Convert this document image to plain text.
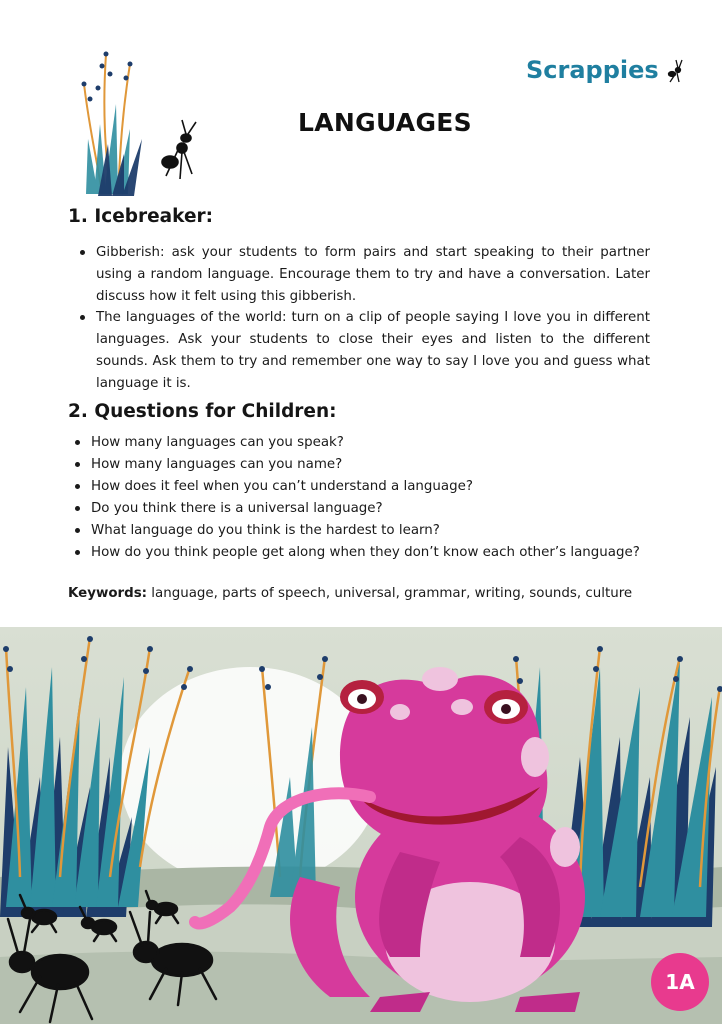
Scrappies
LANGUAGES
1. Icebreaker:
Gibberish: ask your students to form pairs and start speaking to their partner using a random language. Encourage them to try and have a conversation. Later discuss how it felt using this gibberish.
The languages of the world: turn on a clip of people saying I love you in different languages. Ask your students to close their eyes and listen to the different sounds. Ask them to try and remember one way to say I love you and guess what language it is.
2. Questions for Children:
How many languages can you speak?
How many languages can you name?
How does it feel when you can’t understand a language?
Do you think there is a universal language?
What language do you think is the hardest to learn?
How do you think people get along when they don’t know each other’s language?
Keywords: language, parts of speech, universal, grammar, writing, sounds, culture
1A
